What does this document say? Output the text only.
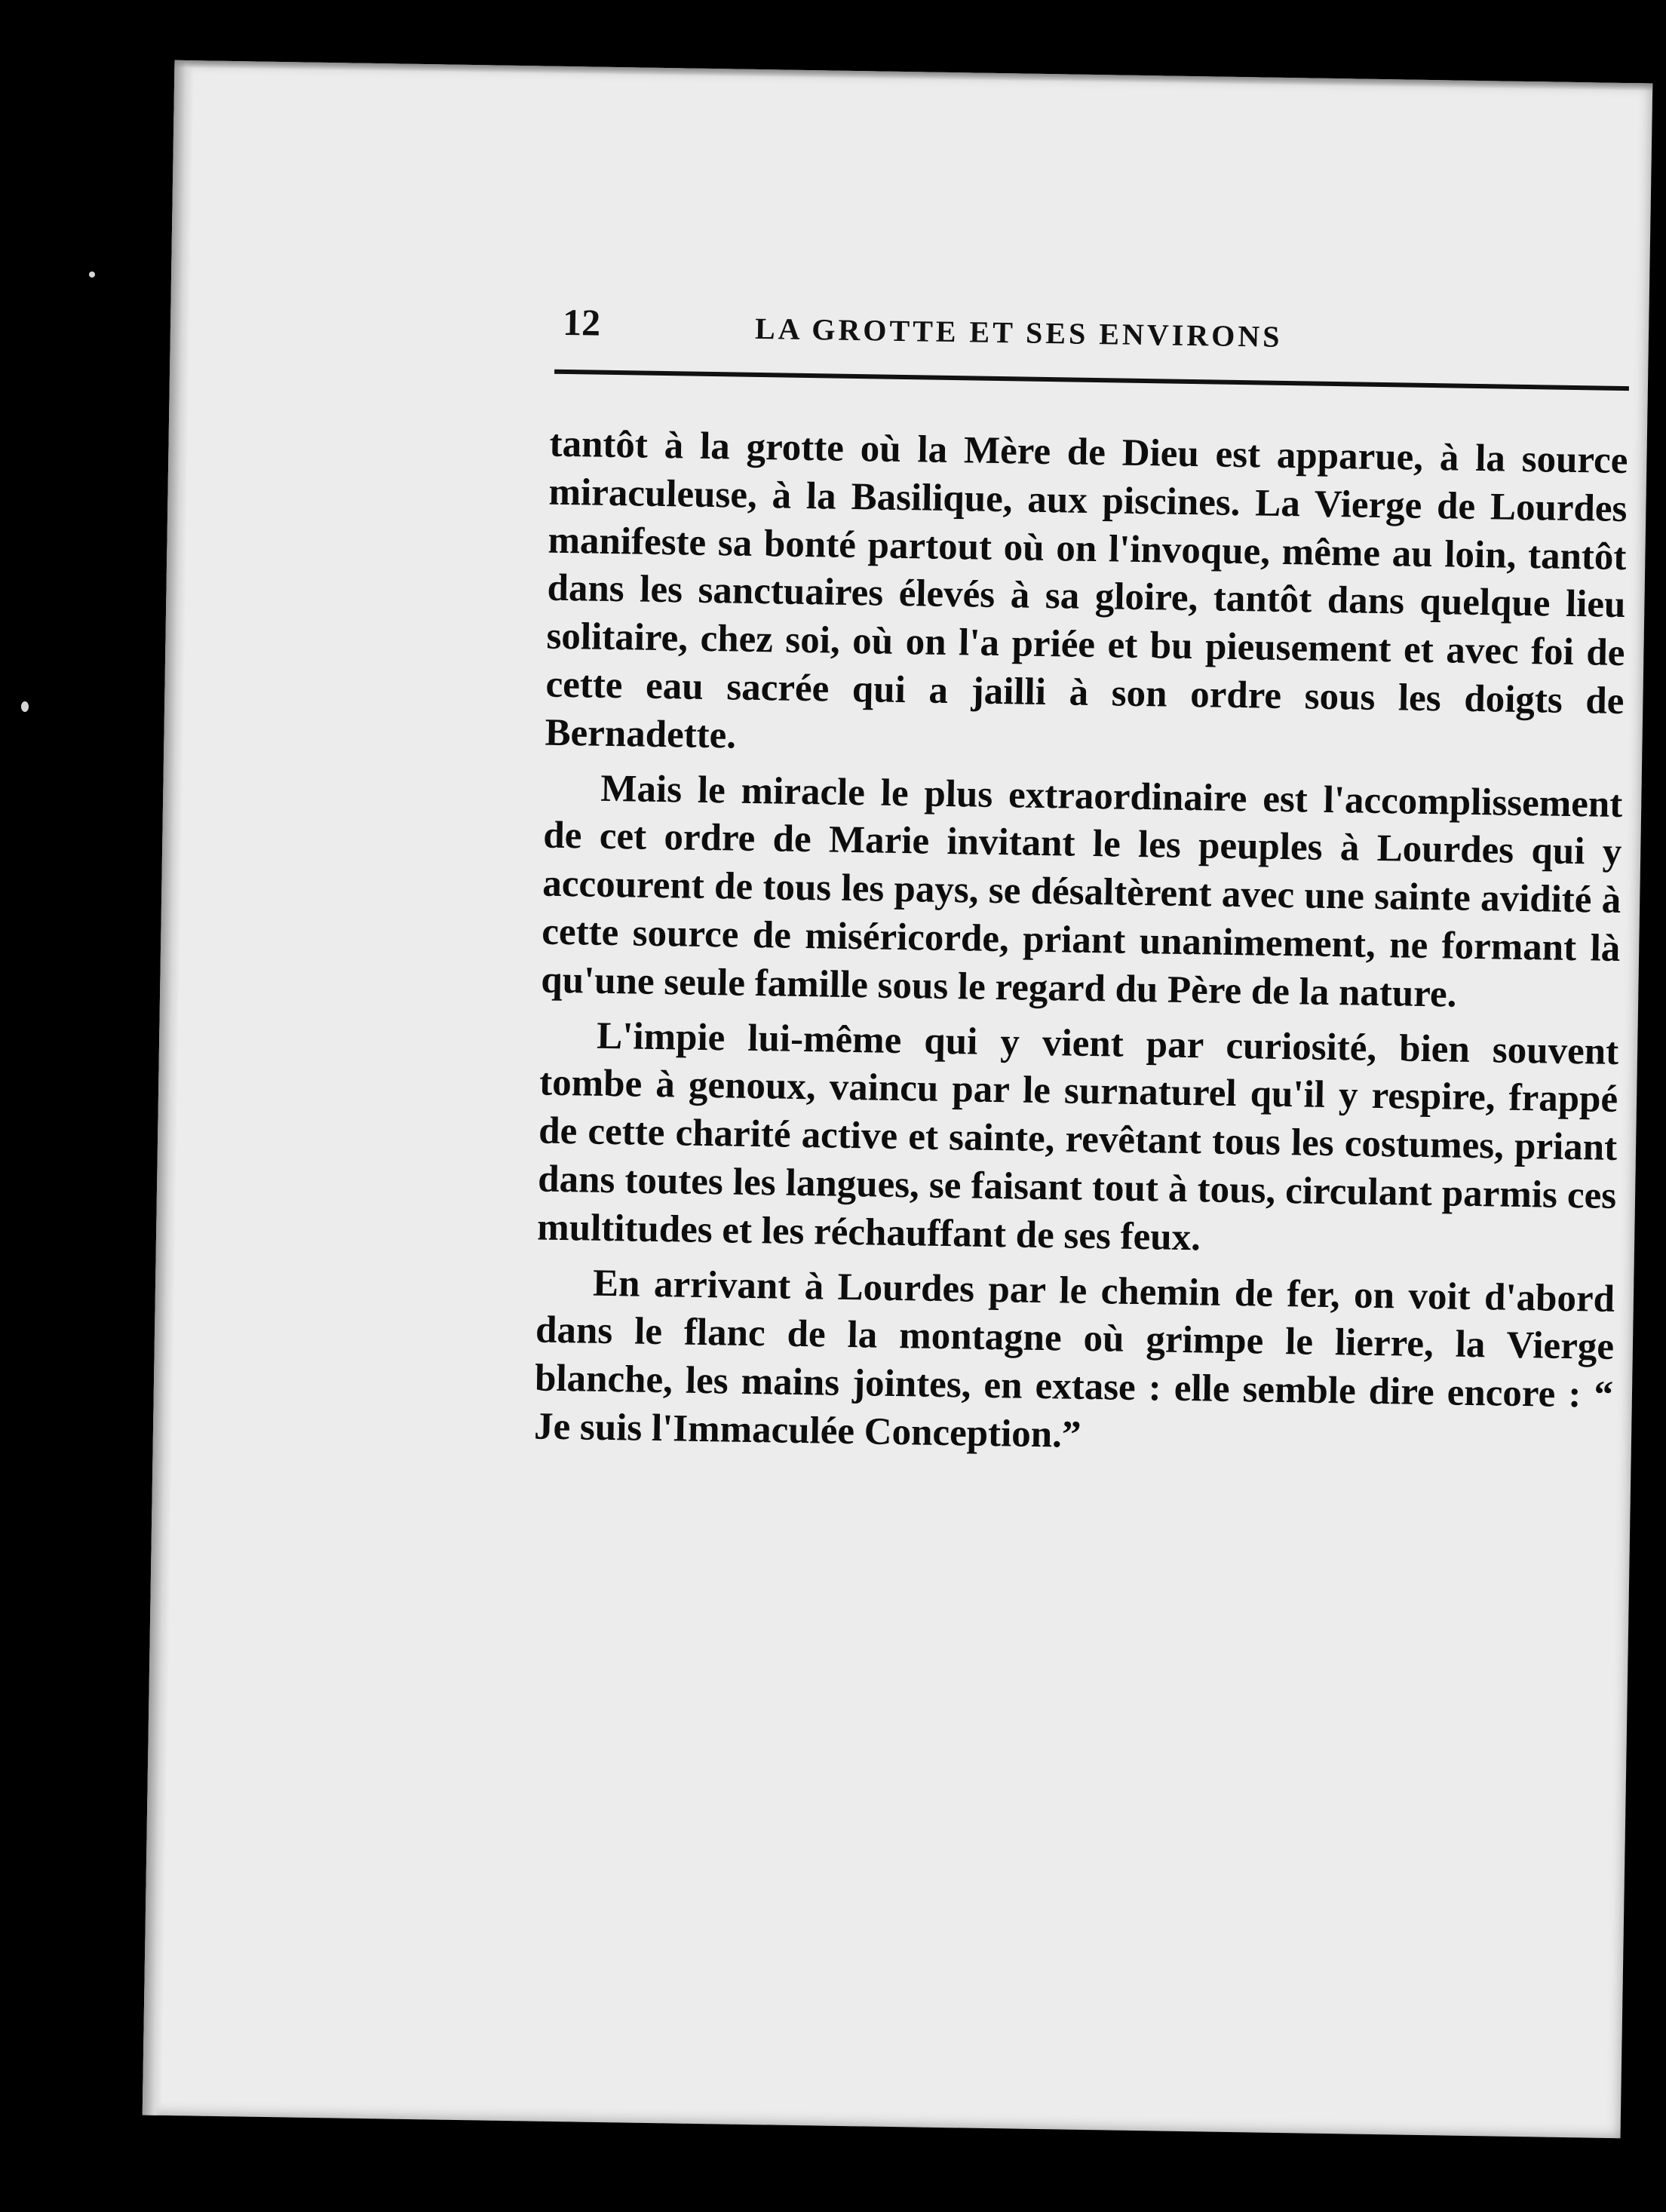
12	LA GROTTE ET SES ENVIRONS

tantôt à la grotte où la Mère de Dieu est apparue, à la source miraculeuse, à la Basilique, aux piscines. La Vierge de Lourdes manifeste sa bonté partout où on l'invoque, même au loin, tantôt dans les sanctuaires élevés à sa gloire, tantôt dans quelque lieu solitaire, chez soi, où on l'a priée et bu pieusement et avec foi de cette eau sacrée qui a jailli à son ordre sous les doigts de Bernadette.

Mais le miracle le plus extraordinaire est l'accomplissement de cet ordre de Marie invitant le les peuples à Lourdes qui y accourent de tous les pays, se désaltèrent avec une sainte avidité à cette source de miséricorde, priant unanimement, ne formant là qu'une seule famille sous le regard du Père de la nature.

L'impie lui-même qui y vient par curiosité, bien souvent tombe à genoux, vaincu par le surnaturel qu'il y respire, frappé de cette charité active et sainte, revêtant tous les costumes, priant dans toutes les langues, se faisant tout à tous, circulant parmis ces multitudes et les réchauffant de ses feux.

En arrivant à Lourdes par le chemin de fer, on voit d'abord dans le flanc de la montagne où grimpe le lierre, la Vierge blanche, les mains jointes, en extase : elle semble dire encore : “ Je suis l'Immaculée Conception.”
